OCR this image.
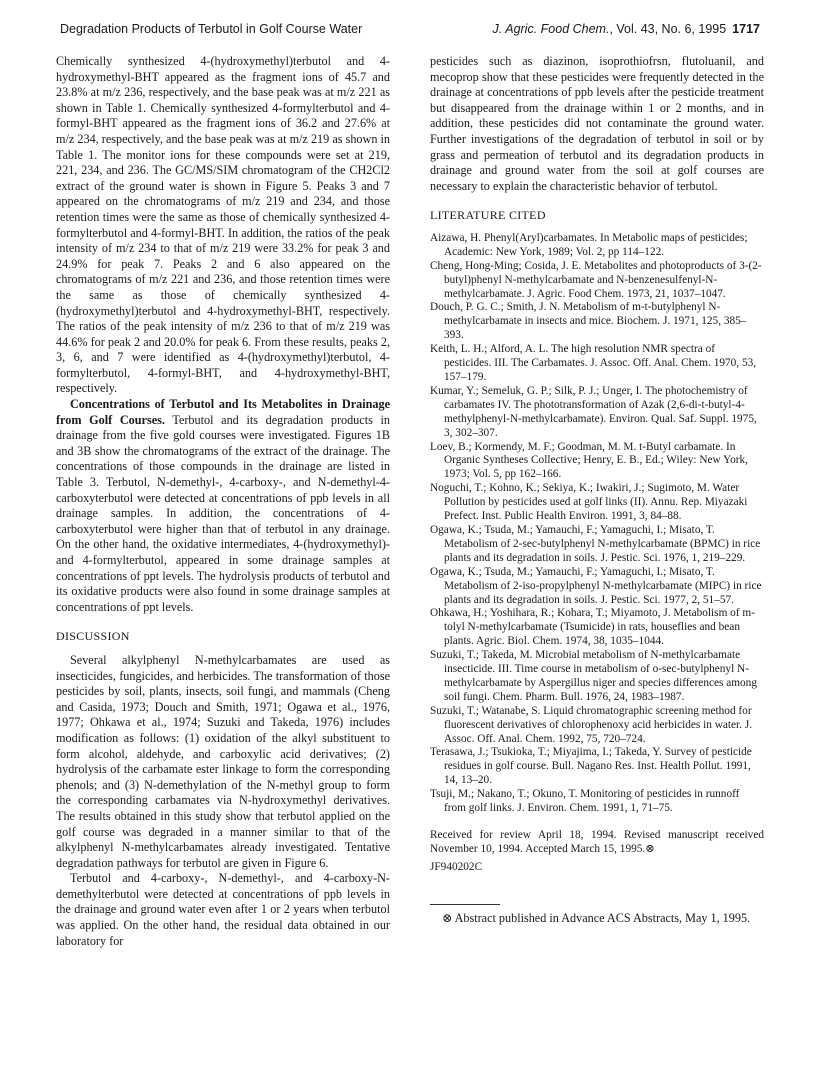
Degradation Products of Terbutol in Golf Course Water	J. Agric. Food Chem., Vol. 43, No. 6, 1995 1717

Chemically synthesized 4-(hydroxymethyl)terbutol and 4-hydroxymethyl-BHT appeared as the fragment ions of 45.7 and 23.8% at m/z 236, respectively, and the base peak was at m/z 221 as shown in Table 1. Chemically synthesized 4-formylterbutol and 4-formyl-BHT appeared as the fragment ions of 36.2 and 27.6% at m/z 234, respectively, and the base peak was at m/z 219 as shown in Table 1. The monitor ions for these compounds were set at 219, 221, 234, and 236. The GC/MS/SIM chromatogram of the CH2Cl2 extract of the ground water is shown in Figure 5. Peaks 3 and 7 appeared on the chromatograms of m/z 219 and 234, and those retention times were the same as those of chemically synthesized 4-formylterbutol and 4-formyl-BHT. In addition, the ratios of the peak intensity of m/z 234 to that of m/z 219 were 33.2% for peak 3 and 24.9% for peak 7. Peaks 2 and 6 also appeared on the chromatograms of m/z 221 and 236, and those retention times were the same as those of chemically synthesized 4-(hydroxymethyl)terbutol and 4-hydroxymethyl-BHT, respectively. The ratios of the peak intensity of m/z 236 to that of m/z 219 was 44.6% for peak 2 and 20.0% for peak 6. From these results, peaks 2, 3, 6, and 7 were identified as 4-(hydroxymethyl)terbutol, 4-formylterbutol, 4-formyl-BHT, and 4-hydroxymethyl-BHT, respectively.

Concentrations of Terbutol and Its Metabolites in Drainage from Golf Courses. Terbutol and its degradation products in drainage from the five gold courses were investigated. Figures 1B and 3B show the chromatograms of the extract of the drainage. The concentrations of those compounds in the drainage are listed in Table 3. Terbutol, N-demethyl-, 4-carboxy-, and N-demethyl-4-carboxyterbutol were detected at concentrations of ppb levels in all drainage samples. In addition, the concentrations of 4-carboxyterbutol were higher than that of terbutol in any drainage. On the other hand, the oxidative intermediates, 4-(hydroxymethyl)- and 4-formylterbutol, appeared in some drainage samples at concentrations of ppt levels. The hydrolysis products of terbutol and its oxidative products were also found in some drainage samples at concentrations of ppt levels.

DISCUSSION

Several alkylphenyl N-methylcarbamates are used as insecticides, fungicides, and herbicides. The transformation of those pesticides by soil, plants, insects, soil fungi, and mammals (Cheng and Casida, 1973; Douch and Smith, 1971; Ogawa et al., 1976, 1977; Ohkawa et al., 1974; Suzuki and Takeda, 1976) includes modification as follows: (1) oxidation of the alkyl substituent to form alcohol, aldehyde, and carboxylic acid derivatives; (2) hydrolysis of the carbamate ester linkage to form the corresponding phenols; and (3) N-demethylation of the N-methyl group to form the corresponding carbamates via N-hydroxymethyl derivatives. The results obtained in this study show that terbutol applied on the golf course was degraded in a manner similar to that of the alkylphenyl N-methylcarbamates already investigated. Tentative degradation pathways for terbutol are given in Figure 6.

Terbutol and 4-carboxy-, N-demethyl-, and 4-carboxy-N-demethylterbutol were detected at concentrations of ppb levels in the drainage and ground water even after 1 or 2 years when terbutol was applied. On the other hand, the residual data obtained in our laboratory for

pesticides such as diazinon, isoprothiofrsn, flutoluanil, and mecoprop show that these pesticides were frequently detected in the drainage at concentrations of ppb levels after the pesticide treatment but disappeared from the drainage within 1 or 2 months, and in addition, these pesticides did not contaminate the ground water. Further investigations of the degradation of terbutol in soil or by grass and permeation of terbutol and its degradation products in drainage and ground water from the soil at golf courses are necessary to explain the characteristic behavior of terbutol.

LITERATURE CITED

Aizawa, H. Phenyl(Aryl)carbamates. In Metabolic maps of pesticides; Academic: New York, 1989; Vol. 2, pp 114–122.

Cheng, Hong-Ming; Cosida, J. E. Metabolites and photoproducts of 3-(2-butyl)phenyl N-methylcarbamate and N-benzenesulfenyl-N-methylcarbamate. J. Agric. Food Chem. 1973, 21, 1037–1047.

Douch, P. G. C.; Smith, J. N. Metabolism of m-t-butylphenyl N-methylcarbamate in insects and mice. Biochem. J. 1971, 125, 385–393.

Keith, L. H.; Alford, A. L. The high resolution NMR spectra of pesticides. III. The Carbamates. J. Assoc. Off. Anal. Chem. 1970, 53, 157–179.

Kumar, Y.; Semeluk, G. P.; Silk, P. J.; Unger, I. The photochemistry of carbamates IV. The phototransformation of Azak (2,6-di-t-butyl-4-methylphenyl-N-methylcarbamate). Environ. Qual. Saf. Suppl. 1975, 3, 302–307.

Loev, B.; Kormendy, M. F.; Goodman, M. M. t-Butyl carbamate. In Organic Syntheses Collective; Henry, E. B., Ed.; Wiley: New York, 1973; Vol. 5, pp 162–166.

Noguchi, T.; Kohno, K.; Sekiya, K.; Iwakiri, J.; Sugimoto, M. Water Pollution by pesticides used at golf links (II). Annu. Rep. Miyazaki Prefect. Inst. Public Health Environ. 1991, 3, 84–88.

Ogawa, K.; Tsuda, M.; Yamauchi, F.; Yamaguchi, I.; Misato, T. Metabolism of 2-sec-butylphenyl N-methylcarbamate (BPMC) in rice plants and its degradation in soils. J. Pestic. Sci. 1976, 1, 219–229.

Ogawa, K.; Tsuda, M.; Yamauchi, F.; Yamaguchi, I.; Misato, T. Metabolism of 2-iso-propylphenyl N-methylcarbamate (MIPC) in rice plants and its degradation in soils. J. Pestic. Sci. 1977, 2, 51–57.

Ohkawa, H.; Yoshihara, R.; Kohara, T.; Miyamoto, J. Metabolism of m-tolyl N-methylcarbamate (Tsumicide) in rats, houseflies and bean plants. Agric. Biol. Chem. 1974, 38, 1035–1044.

Suzuki, T.; Takeda, M. Microbial metabolism of N-methylcarbamate insecticide. III. Time course in metabolism of o-sec-butylphenyl N-methylcarbamate by Aspergillus niger and species differences among soil fungi. Chem. Pharm. Bull. 1976, 24, 1983–1987.

Suzuki, T.; Watanabe, S. Liquid chromatographic screening method for fluorescent derivatives of chlorophenoxy acid herbicides in water. J. Assoc. Off. Anal. Chem. 1992, 75, 720–724.

Terasawa, J.; Tsukioka, T.; Miyajima, I.; Takeda, Y. Survey of pesticide residues in golf course. Bull. Nagano Res. Inst. Health Pollut. 1991, 14, 13–20.

Tsuji, M.; Nakano, T.; Okuno, T. Monitoring of pesticides in runnoff from golf links. J. Environ. Chem. 1991, 1, 71–75.

Received for review April 18, 1994. Revised manuscript received November 10, 1994. Accepted March 15, 1995.⊗
JF940202C
⊗ Abstract published in Advance ACS Abstracts, May 1, 1995.
